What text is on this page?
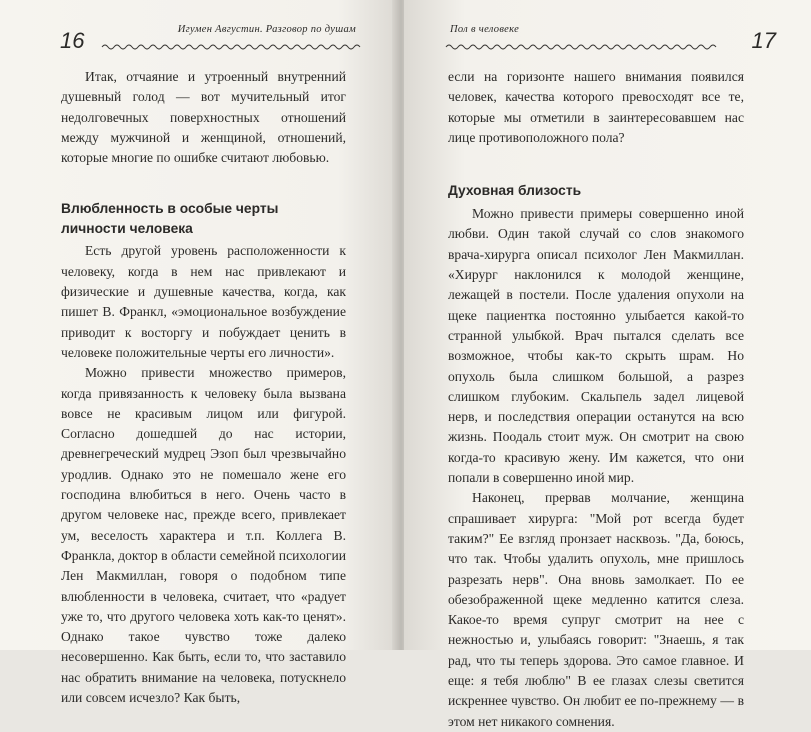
16	Игумен Августин. Разговор по душам

Итак, отчаяние и утроенный внутренний душевный голод — вот мучительный итог недолговечных поверхностных отношений между мужчиной и женщиной, отношений, которые многие по ошибке считают любовью.

Влюбленность в особые черты личности человека

Есть другой уровень расположенности к человеку, когда в нем нас привлекают и физические и душевные качества, когда, как пишет В. Франкл, «эмоциональное возбуждение приводит к восторгу и побуждает ценить в человеке положительные черты его личности».

Можно привести множество примеров, когда привязанность к человеку была вызвана вовсе не красивым лицом или фигурой. Согласно дошедшей до нас истории, древнегреческий мудрец Эзоп был чрезвычайно уродлив. Однако это не помешало жене его господина влюбиться в него. Очень часто в другом человеке нас, прежде всего, привлекает ум, веселость характера и т.п. Коллега В. Франкла, доктор в области семейной психологии Лен Макмиллан, говоря о подобном типе влюбленности в человека, считает, что «радует уже то, что другого человека хоть как-то ценят». Однако такое чувство тоже далеко несовершенно. Как быть, если то, что заставило нас обратить внимание на человека, потускнело или совсем исчезло? Как быть,

Пол в человеке	17

если на горизонте нашего внимания появился человек, качества которого превосходят все те, которые мы отметили в заинтересовавшем нас лице противоположного пола?

Духовная близость

Можно привести примеры совершенно иной любви. Один такой случай со слов знакомого врача-хирурга описал психолог Лен Макмиллан. «Хирург наклонился к молодой женщине, лежащей в постели. После удаления опухоли на щеке пациентка постоянно улыбается какой-то странной улыбкой. Врач пытался сделать все возможное, чтобы как-то скрыть шрам. Но опухоль была слишком большой, а разрез слишком глубоким. Скальпель задел лицевой нерв, и последствия операции останутся на всю жизнь. Поодаль стоит муж. Он смотрит на свою когда-то красивую жену. Им кажется, что они попали в совершенно иной мир.

Наконец, прервав молчание, женщина спрашивает хирурга: "Мой рот всегда будет таким?" Ее взгляд пронзает насквозь. "Да, боюсь, что так. Чтобы удалить опухоль, мне пришлось разрезать нерв". Она вновь замолкает. По ее обезображенной щеке медленно катится слеза. Какое-то время супруг смотрит на нее с нежностью и, улыбаясь говорит: "Знаешь, я так рад, что ты теперь здорова. Это самое главное. И еще: я тебя люблю" В ее глазах слезы светится искреннее чувство. Он любит ее по-прежнему — в этом нет никакого сомнения.
